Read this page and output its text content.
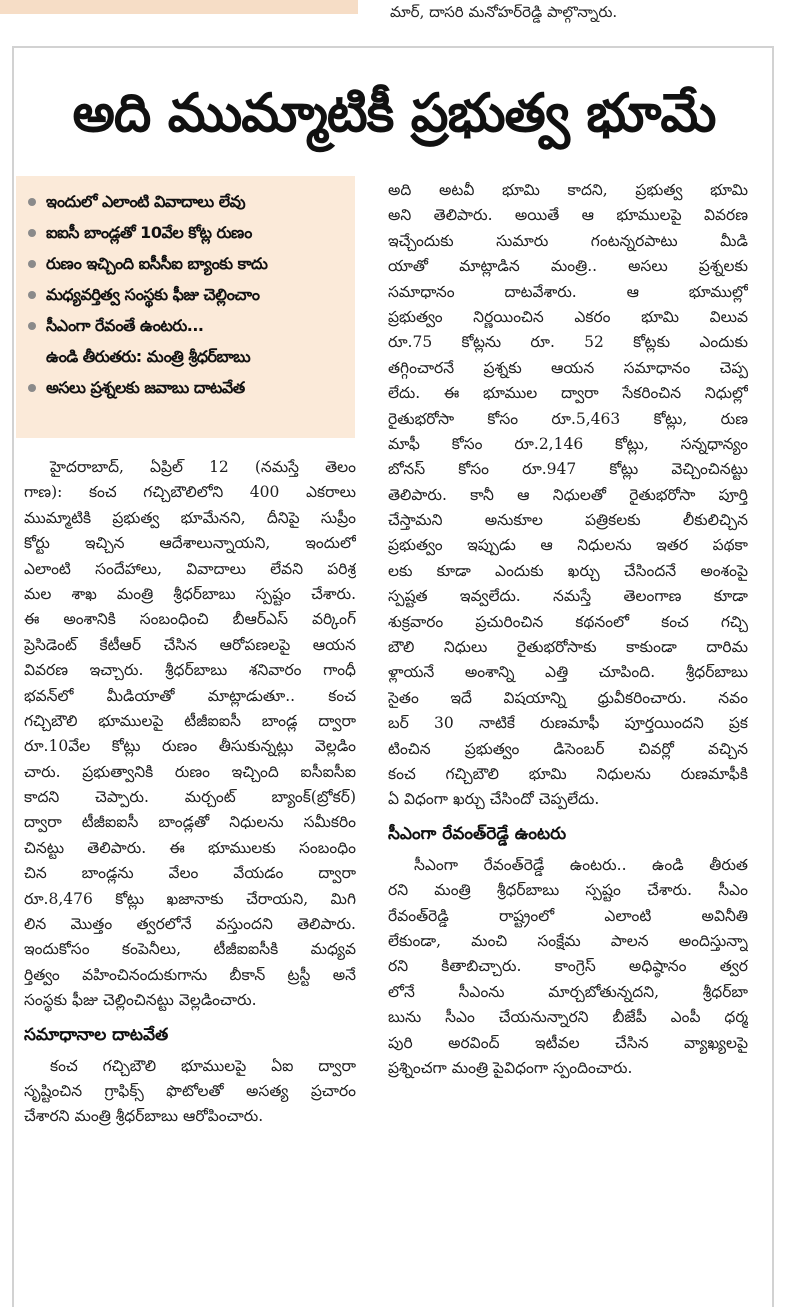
మార్, దాసరి మనోహర్‌రెడ్డి పాల్గొన్నారు.
అది ముమ్మాటికీ ప్రభుత్వ భూమే
ఇందులో ఎలాంటి వివాదాలు లేవు
ఐఐసీ బాండ్లతో 10వేల కోట్ల రుణం
రుణం ఇచ్చింది ఐసీసీఐ బ్యాంకు కాదు
మధ్యవర్తిత్వ సంస్థకు ఫీజు చెల్లించాం
సీఎంగా రేవంతే ఉంటరు...
ఉండి తీరుతరు: మంత్రి శ్రీధర్‌బాబు
అసలు ప్రశ్నలకు జవాబు దాటవేత
హైదరాబాద్, ఏప్రిల్ 12 (నమస్తే తెలం
గాణ): కంచ గచ్చిబౌలిలోని 400 ఎకరాలు
ముమ్మాటికి ప్రభుత్వ భూమేనని, దీనిపై సుప్రీం
కోర్టు ఇచ్చిన ఆదేశాలున్నాయని, ఇందులో
ఎలాంటి సందేహాలు, వివాదాలు లేవని పరిశ్ర
మల శాఖ మంత్రి శ్రీధర్‌బాబు స్పష్టం చేశారు.
ఈ అంశానికి సంబంధించి బీఆర్‌ఎస్ వర్కింగ్
ప్రెసిడెంట్ కేటీఆర్ చేసిన ఆరోపణలపై ఆయన
వివరణ ఇచ్చారు. శ్రీధర్‌బాబు శనివారం గాంధీ
భవన్‌లో మీడియాతో మాట్లాడుతూ.. కంచ
గచ్చిబౌలి భూములపై టీజీఐఐసీ బాండ్ల ద్వారా
రూ.10వేల కోట్లు రుణం తీసుకున్నట్లు వెల్లడిం
చారు. ప్రభుత్వానికి రుణం ఇచ్చింది ఐసీఐసీఐ
కాదని చెప్పారు. మర్చంట్ బ్యాంక్(బ్రోకర్)
ద్వారా టీజీఐఐసీ బాండ్లతో నిధులను సమీకరిం
చినట్టు తెలిపారు. ఈ భూములకు సంబంధిం
చిన బాండ్లను వేలం వేయడం ద్వారా
రూ.8,476 కోట్లు ఖజానాకు చేరాయని, మిగి
లిన మొత్తం త్వరలోనే వస్తుందని తెలిపారు.
ఇందుకోసం కంపెనీలు, టీజీఐఐసీకి మధ్యవ
ర్తిత్వం వహించినందుకుగాను బీకాన్ ట్రస్టీ అనే
సంస్థకు ఫీజు చెల్లించినట్టు వెల్లడించారు.
సమాధానాల దాటవేత
కంచ గచ్చిబౌలి భూములపై ఏఐ ద్వారా
సృష్టించిన గ్రాఫిక్స్ ఫొటోలతో అసత్య ప్రచారం
చేశారని మంత్రి శ్రీధర్‌బాబు ఆరోపించారు.
అది అటవీ భూమి కాదని, ప్రభుత్వ భూమి
అని తెలిపారు. అయితే ఆ భూములపై వివరణ
ఇచ్చేందుకు సుమారు గంటన్నరపాటు మీడి
యాతో మాట్లాడిన మంత్రి.. అసలు ప్రశ్నలకు
సమాధానం దాటవేశారు. ఆ భూముల్లో
ప్రభుత్వం నిర్ణయించిన ఎకరం భూమి విలువ
రూ.75 కోట్లను రూ. 52 కోట్లకు ఎందుకు
తగ్గించారనే ప్రశ్నకు ఆయన సమాధానం చెప్ప
లేదు. ఈ భూముల ద్వారా సేకరించిన నిధుల్లో
రైతుభరోసా కోసం రూ.5,463 కోట్లు, రుణ
మాఫీ కోసం రూ.2,146 కోట్లు, సన్నధాన్యం
బోనస్ కోసం రూ.947 కోట్లు వెచ్చించినట్టు
తెలిపారు. కానీ ఆ నిధులతో రైతుభరోసా పూర్తి
చేస్తామని అనుకూల పత్రికలకు లీకులిచ్చిన
ప్రభుత్వం ఇప్పుడు ఆ నిధులను ఇతర పథకా
లకు కూడా ఎందుకు ఖర్చు చేసిందనే అంశంపై
స్పష్టత ఇవ్వలేదు. నమస్తే తెలంగాణ కూడా
శుక్రవారం ప్రచురించిన కథనంలో కంచ గచ్చి
బౌలి నిధులు రైతుభరోసాకు కాకుండా దారిమ
ళ్లాయనే అంశాన్ని ఎత్తి చూపింది. శ్రీధర్‌బాబు
సైతం ఇదే విషయాన్ని ధ్రువీకరించారు. నవం
బర్ 30 నాటికే రుణమాఫీ పూర్తయిందని ప్రక
టించిన ప్రభుత్వం డిసెంబర్ చివర్లో వచ్చిన
కంచ గచ్చిబౌలి భూమి నిధులను రుణమాఫీకి
ఏ విధంగా ఖర్చు చేసిందో చెప్పలేదు.
సీఎంగా రేవంత్‌రెడ్డే ఉంటరు
సీఎంగా రేవంత్‌రెడ్డే ఉంటరు.. ఉండి తీరుత
రని మంత్రి శ్రీధర్‌బాబు స్పష్టం చేశారు. సీఎం
రేవంత్‌రెడ్డి రాష్ట్రంలో ఎలాంటి అవినీతి
లేకుండా, మంచి సంక్షేమ పాలన అందిస్తున్నా
రని కితాబిచ్చారు. కాంగ్రెస్ అధిష్ఠానం త్వర
లోనే సీఎంను మార్చబోతున్నదని, శ్రీధర్‌బా
బును సీఎం చేయనున్నారని బీజేపీ ఎంపీ ధర్మ
పురి అరవింద్ ఇటీవల చేసిన వ్యాఖ్యలపై
ప్రశ్నించగా మంత్రి పైవిధంగా స్పందించారు.
